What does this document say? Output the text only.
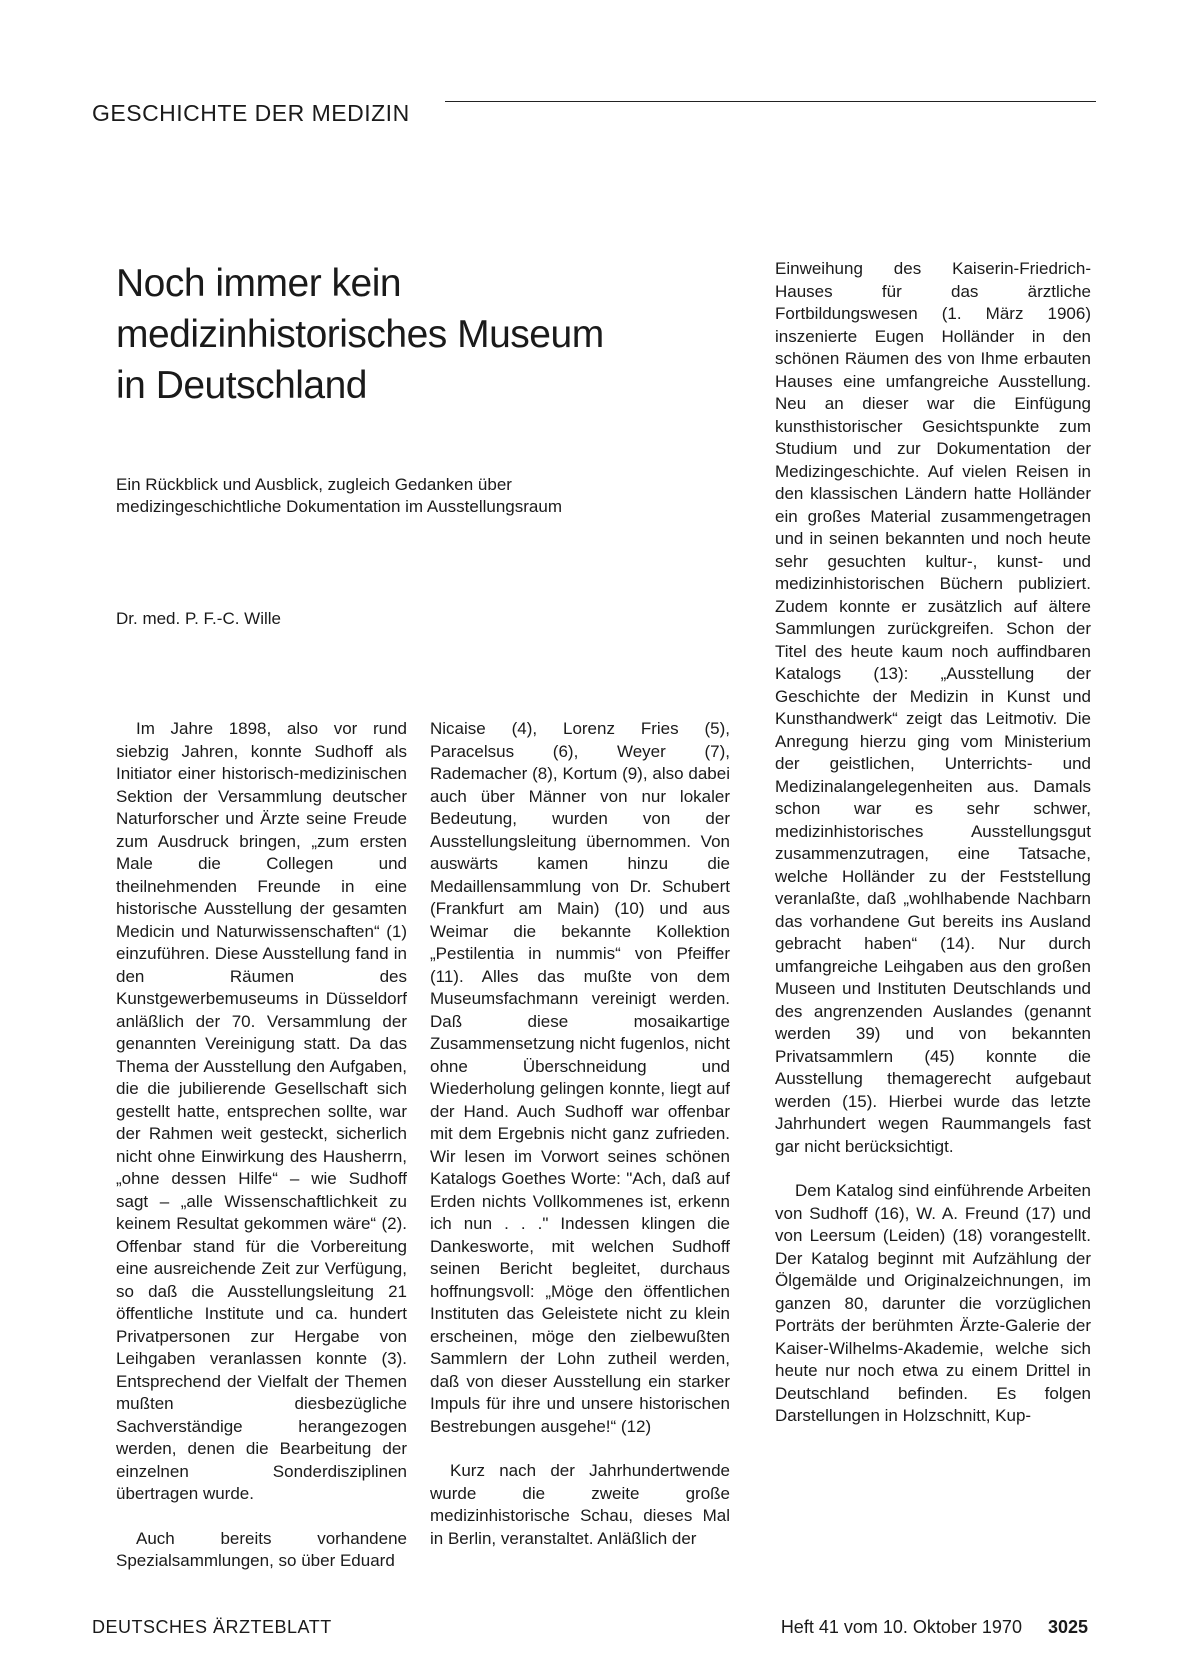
GESCHICHTE DER MEDIZIN
Noch immer kein
medizinhistorisches Museum
in Deutschland

Ein Rückblick und Ausblick, zugleich Gedanken über
medizingeschichtliche Dokumentation im Ausstellungsraum

Dr. med. P. F.-C. Wille

Im Jahre 1898, also vor rund siebzig Jahren, konnte Sudhoff als Initiator einer historisch-medizinischen Sektion der Versammlung deutscher Naturforscher und Ärzte seine Freude zum Ausdruck bringen, „zum ersten Male die Collegen und theilnehmenden Freunde in eine historische Ausstellung der gesamten Medicin und Naturwissenschaften“ (1) einzuführen. Diese Ausstellung fand in den Räumen des Kunstgewerbemuseums in Düsseldorf anläßlich der 70. Versammlung der genannten Vereinigung statt. Da das Thema der Ausstellung den Aufgaben, die die jubilierende Gesellschaft sich gestellt hatte, entsprechen sollte, war der Rahmen weit gesteckt, sicherlich nicht ohne Einwirkung des Hausherrn, „ohne dessen Hilfe“ – wie Sudhoff sagt – „alle Wissenschaftlichkeit zu keinem Resultat gekommen wäre“ (2). Offenbar stand für die Vorbereitung eine ausreichende Zeit zur Verfügung, so daß die Ausstellungsleitung 21 öffentliche Institute und ca. hundert Privatpersonen zur Hergabe von Leihgaben veranlassen konnte (3). Entsprechend der Vielfalt der Themen mußten diesbezügliche Sachverständige herangezogen werden, denen die Bearbeitung der einzelnen Sonderdisziplinen übertragen wurde.

Auch bereits vorhandene Spezialsammlungen, so über Eduard

Nicaise (4), Lorenz Fries (5), Paracelsus (6), Weyer (7), Rademacher (8), Kortum (9), also dabei auch über Männer von nur lokaler Bedeutung, wurden von der Ausstellungsleitung übernommen. Von auswärts kamen hinzu die Medaillensammlung von Dr. Schubert (Frankfurt am Main) (10) und aus Weimar die bekannte Kollektion „Pestilentia in nummis“ von Pfeiffer (11). Alles das mußte von dem Museumsfachmann vereinigt werden. Daß diese mosaikartige Zusammensetzung nicht fugenlos, nicht ohne Überschneidung und Wiederholung gelingen konnte, liegt auf der Hand. Auch Sudhoff war offenbar mit dem Ergebnis nicht ganz zufrieden. Wir lesen im Vorwort seines schönen Katalogs Goethes Worte: "Ach, daß auf Erden nichts Vollkommenes ist, erkenn ich nun . . ." Indessen klingen die Dankesworte, mit welchen Sudhoff seinen Bericht begleitet, durchaus hoffnungsvoll: „Möge den öffentlichen Instituten das Geleistete nicht zu klein erscheinen, möge den zielbewußten Sammlern der Lohn zutheil werden, daß von dieser Ausstellung ein starker Impuls für ihre und unsere historischen Bestrebungen ausgehe!“ (12)

Kurz nach der Jahrhundertwende wurde die zweite große medizinhistorische Schau, dieses Mal in Berlin, veranstaltet. Anläßlich der

Einweihung des Kaiserin-Friedrich-Hauses für das ärztliche Fortbildungswesen (1. März 1906) inszenierte Eugen Holländer in den schönen Räumen des von Ihme erbauten Hauses eine umfangreiche Ausstellung. Neu an dieser war die Einfügung kunsthistorischer Gesichtspunkte zum Studium und zur Dokumentation der Medizingeschichte. Auf vielen Reisen in den klassischen Ländern hatte Holländer ein großes Material zusammengetragen und in seinen bekannten und noch heute sehr gesuchten kultur-, kunst- und medizinhistorischen Büchern publiziert. Zudem konnte er zusätzlich auf ältere Sammlungen zurückgreifen. Schon der Titel des heute kaum noch auffindbaren Katalogs (13): „Ausstellung der Geschichte der Medizin in Kunst und Kunsthandwerk“ zeigt das Leitmotiv. Die Anregung hierzu ging vom Ministerium der geistlichen, Unterrichts- und Medizinalangelegenheiten aus. Damals schon war es sehr schwer, medizinhistorisches Ausstellungsgut zusammenzutragen, eine Tatsache, welche Holländer zu der Feststellung veranlaßte, daß „wohlhabende Nachbarn das vorhandene Gut bereits ins Ausland gebracht haben“ (14). Nur durch umfangreiche Leihgaben aus den großen Museen und Instituten Deutschlands und des angrenzenden Auslandes (genannt werden 39) und von bekannten Privatsammlern (45) konnte die Ausstellung themagerecht aufgebaut werden (15). Hierbei wurde das letzte Jahrhundert wegen Raummangels fast gar nicht berücksichtigt.

Dem Katalog sind einführende Arbeiten von Sudhoff (16), W. A. Freund (17) und von Leersum (Leiden) (18) vorangestellt. Der Katalog beginnt mit Aufzählung der Ölgemälde und Originalzeichnungen, im ganzen 80, darunter die vorzüglichen Porträts der berühmten Ärzte-Galerie der Kaiser-Wilhelms-Akademie, welche sich heute nur noch etwa zu einem Drittel in Deutschland befinden. Es folgen Darstellungen in Holzschnitt, Kup-

DEUTSCHES ÄRZTEBLATT	Heft 41 vom 10. Oktober 1970 3025
